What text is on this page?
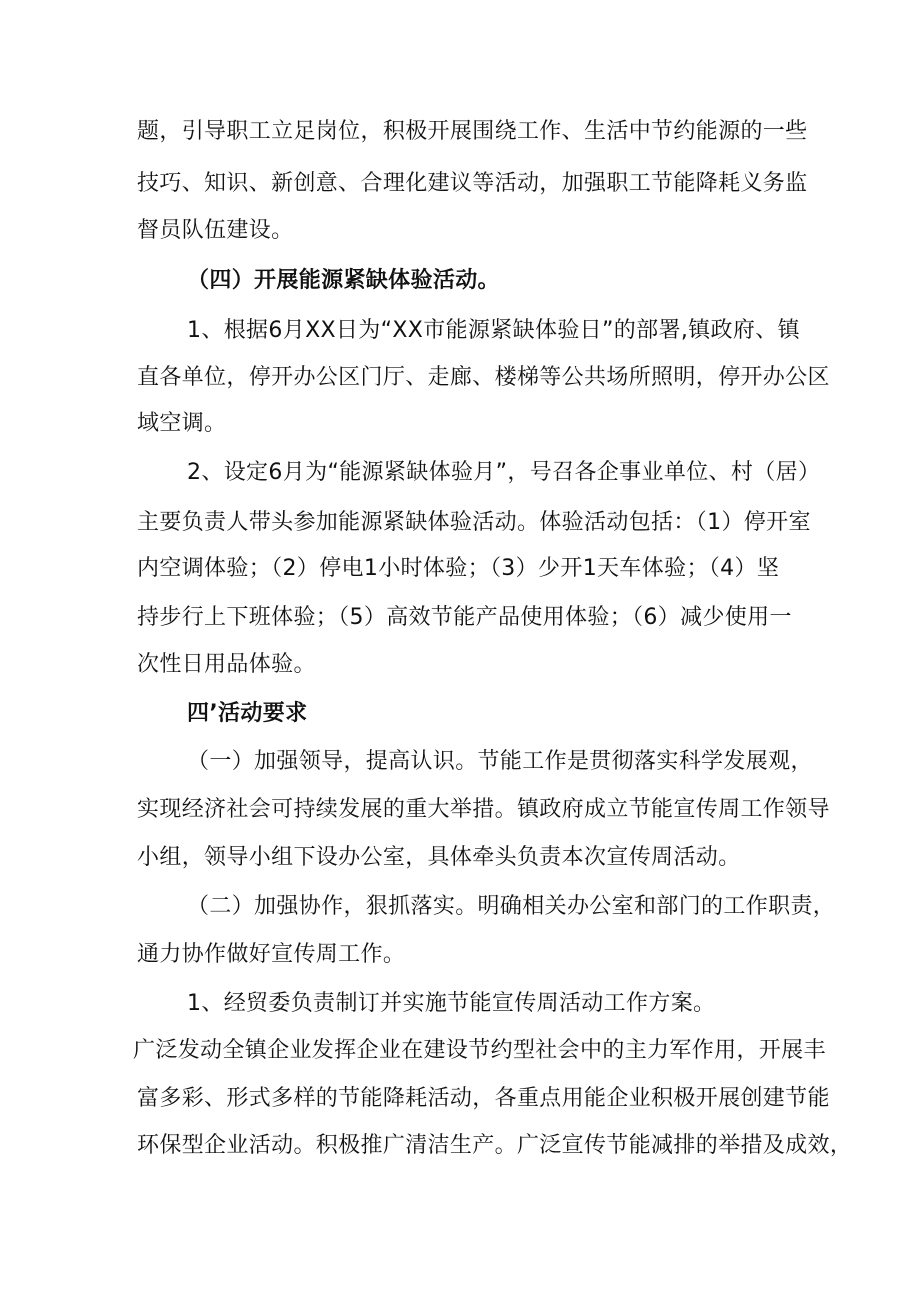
题，引导职工立足岗位，积极开展围绕工作、生活中节约能源的一些
技巧、知识、新创意、合理化建议等活动，加强职工节能降耗义务监
督员队伍建设。
（四）开展能源紧缺体验活动。
1、根据6月XX日为“XX市能源紧缺体验日”的部署,镇政府、镇
直各单位，停开办公区门厅、走廊、楼梯等公共场所照明，停开办公区
域空调。
2、设定6月为“能源紧缺体验月”，号召各企事业单位、村（居）
主要负责人带头参加能源紧缺体验活动。体验活动包括：（1）停开室
内空调体验；（2）停电1小时体验；（3）少开1天车体验；（4）坚
持步行上下班体验；（5）高效节能产品使用体验；（6）减少使用一
次性日用品体验。
四’活动要求
（一）加强领导，提高认识。节能工作是贯彻落实科学发展观，
实现经济社会可持续发展的重大举措。镇政府成立节能宣传周工作领导
小组，领导小组下设办公室，具体牵头负责本次宣传周活动。
（二）加强协作，狠抓落实。明确相关办公室和部门的工作职责，
通力协作做好宣传周工作。
1、经贸委负责制订并实施节能宣传周活动工作方案。
广泛发动全镇企业发挥企业在建设节约型社会中的主力军作用，开展丰
富多彩、形式多样的节能降耗活动，各重点用能企业积极开展创建节能
环保型企业活动。积极推广清洁生产。广泛宣传节能减排的举措及成效，
